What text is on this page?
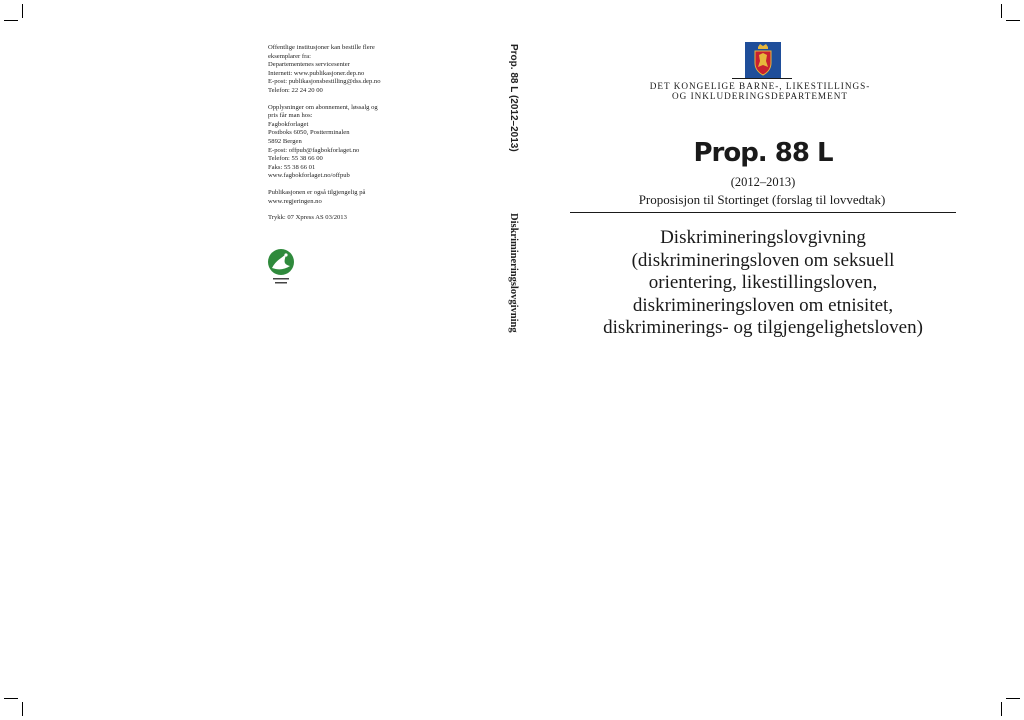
Offentlige institusjoner kan bestille flere
eksemplarer fra:
Departementenes servicesenter
Internett: www.publikasjoner.dep.no
E-post: publikasjonsbestilling@dss.dep.no
Telefon: 22 24 20 00
Opplysninger om abonnement, løssalg og
pris får man hos:
Fagbokforlaget
Postboks 6050, Postterminalen
5892 Bergen
E-post: offpub@fagbokforlaget.no
Telefon: 55 38 66 00
Faks: 55 38 66 01
www.fagbokforlaget.no/offpub
Publikasjonen er også tilgjengelig på
www.regjeringen.no
Trykk: 07 Xpress AS 03/2013
Prop. 88 L (2012–2013)
Diskrimineringslovgivning
DET KONGELIGE BARNE-, LIKESTILLINGS-
OG INKLUDERINGSDEPARTEMENT
Prop. 88 L
(2012–2013)
Proposisjon til Stortinget (forslag til lovvedtak)
Diskrimineringslovgivning
(diskrimineringsloven om seksuell
orientering, likestillingsloven,
diskrimineringsloven om etnisitet,
diskriminerings- og tilgjengelighetsloven)
